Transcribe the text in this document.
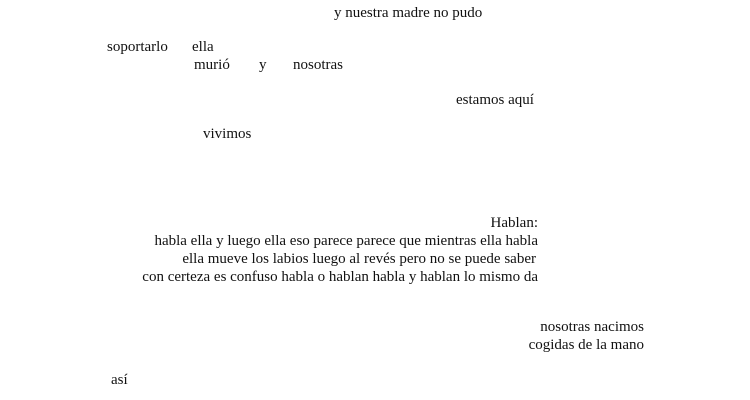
y nuestra madre no pudo
soportarlo ella
murió y nosotras
estamos aquí
vivimos
Hablan:
habla ella y luego ella eso parece parece que mientras ella habla
ella mueve los labios luego al revés pero no se puede saber
con certeza es confuso habla o hablan habla y hablan lo mismo da
nosotras nacimos
cogidas de la mano
así
